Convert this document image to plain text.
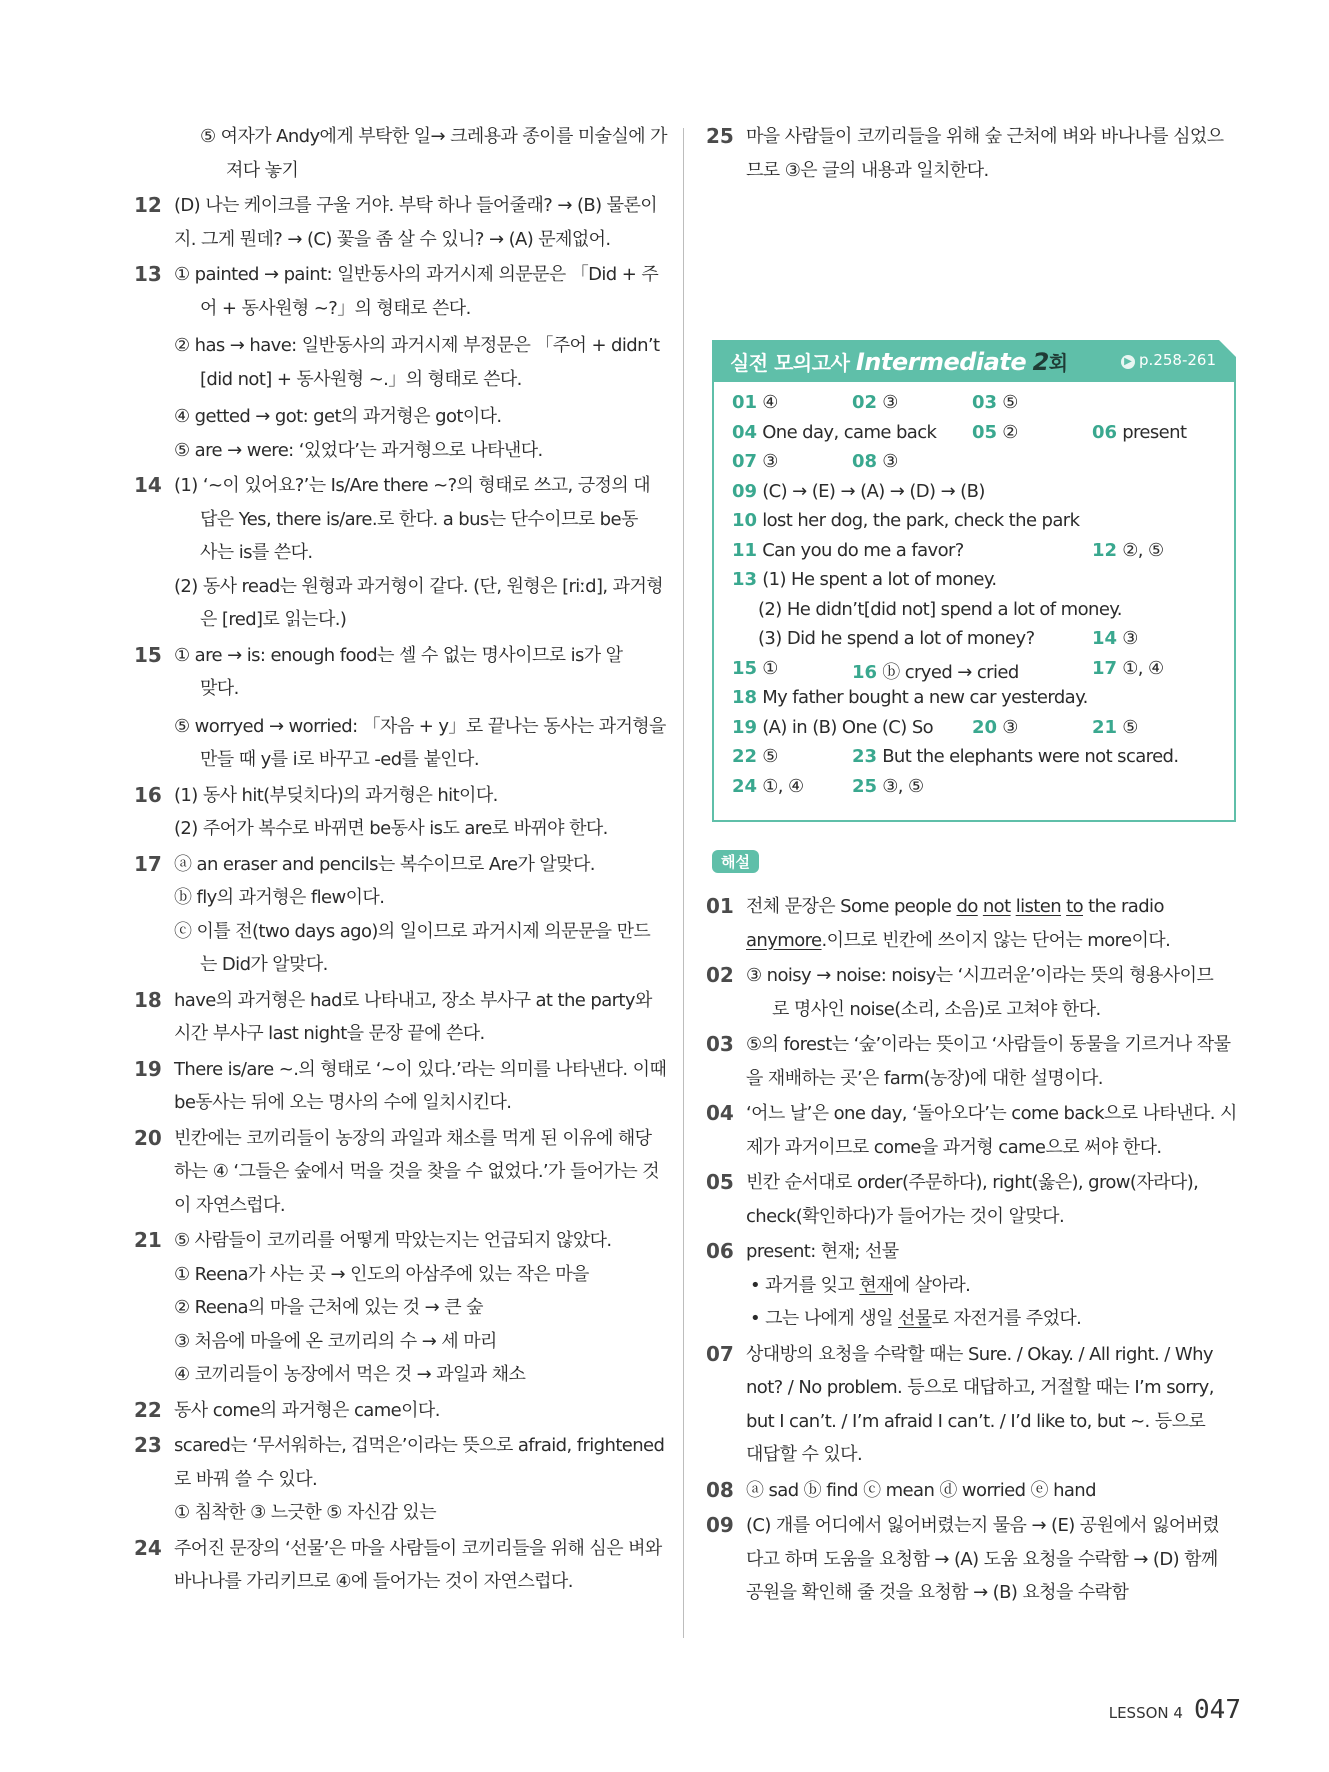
⑤ 여자가 Andy에게 부탁한 일→ 크레용과 종이를 미술실에 가
져다 놓기
12 (D) 나는 케이크를 구울 거야. 부탁 하나 들어줄래? → (B) 물론이
지. 그게 뭔데? → (C) 꽃을 좀 살 수 있니? → (A) 문제없어.
13 ① painted → paint: 일반동사의 과거시제 의문문은 「Did + 주
어 + 동사원형 ~?」의 형태로 쓴다.
② has → have: 일반동사의 과거시제 부정문은 「주어 + didn’t
[did not] + 동사원형 ~.」의 형태로 쓴다.
④ getted → got: get의 과거형은 got이다.
⑤ are → were: ‘있었다’는 과거형으로 나타낸다.
14 (1) ‘~이 있어요?’는 Is/Are there ~?의 형태로 쓰고, 긍정의 대
답은 Yes, there is/are.로 한다. a bus는 단수이므로 be동
사는 is를 쓴다.
(2) 동사 read는 원형과 과거형이 같다. (단, 원형은 [riːd], 과거형
은 [red]로 읽는다.)
15 ① are → is: enough food는 셀 수 없는 명사이므로 is가 알
맞다.
⑤ worryed → worried: 「자음 + y」로 끝나는 동사는 과거형을
만들 때 y를 i로 바꾸고 -ed를 붙인다.
16 (1) 동사 hit(부딪치다)의 과거형은 hit이다.
(2) 주어가 복수로 바뀌면 be동사 is도 are로 바뀌야 한다.
17 ⓐ an eraser and pencils는 복수이므로 Are가 알맞다.
ⓑ fly의 과거형은 flew이다.
ⓒ 이틀 전(two days ago)의 일이므로 과거시제 의문문을 만드
는 Did가 알맞다.
18 have의 과거형은 had로 나타내고, 장소 부사구 at the party와
시간 부사구 last night을 문장 끝에 쓴다.
19 There is/are ~.의 형태로 ‘~이 있다.’라는 의미를 나타낸다. 이때
be동사는 뒤에 오는 명사의 수에 일치시킨다.
20 빈칸에는 코끼리들이 농장의 과일과 채소를 먹게 된 이유에 해당
하는 ④ ‘그들은 숲에서 먹을 것을 찾을 수 없었다.’가 들어가는 것
이 자연스럽다.
21 ⑤ 사람들이 코끼리를 어떻게 막았는지는 언급되지 않았다.
① Reena가 사는 곳 → 인도의 아삼주에 있는 작은 마을
② Reena의 마을 근처에 있는 것 → 큰 숲
③ 처음에 마을에 온 코끼리의 수 → 세 마리
④ 코끼리들이 농장에서 먹은 것 → 과일과 채소
22 동사 come의 과거형은 came이다.
23 scared는 ‘무서워하는, 겁먹은’이라는 뜻으로 afraid, frightened
로 바꿔 쓸 수 있다.
① 침착한 ③ 느긋한 ⑤ 자신감 있는
24 주어진 문장의 ‘선물’은 마을 사람들이 코끼리들을 위해 심은 벼와
바나나를 가리키므로 ④에 들어가는 것이 자연스럽다.
25 마을 사람들이 코끼리들을 위해 숲 근처에 벼와 바나나를 심었으
므로 ③은 글의 내용과 일치한다.
실전 모의고사 Intermediate 2회	▶ p.258-261
01 ④	02 ③	03 ⑤
04 One day, came back 05 ②	06 present
07 ③	08 ③
09 (C) → (E) → (A) → (D) → (B)
10 lost her dog, the park, check the park
11 Can you do me a favor?	12 ②, ⑤
13 (1) He spent a lot of money.
(2) He didn’t[did not] spend a lot of money.
(3) Did he spend a lot of money?	14 ③
15 ①	16 ⓑ cryed → cried	17 ①, ④
18 My father bought a new car yesterday.
19 (A) in (B) One (C) So 20 ③	21 ⑤
22 ⑤	23 But the elephants were not scared.
24 ①, ④	25 ③, ⑤
해설
01 전체 문장은 Some people do not listen to the radio
anymore.이므로 빈칸에 쓰이지 않는 단어는 more이다.
02 ③ noisy → noise: noisy는 ‘시끄러운’이라는 뜻의 형용사이므
로 명사인 noise(소리, 소음)로 고쳐야 한다.
03 ⑤의 forest는 ‘숲’이라는 뜻이고 ‘사람들이 동물을 기르거나 작물
을 재배하는 곳’은 farm(농장)에 대한 설명이다.
04 ‘어느 날’은 one day, ‘돌아오다’는 come back으로 나타낸다. 시
제가 과거이므로 come을 과거형 came으로 써야 한다.
05 빈칸 순서대로 order(주문하다), right(옳은), grow(자라다),
check(확인하다)가 들어가는 것이 알맞다.
06 present: 현재; 선물
• 과거를 잊고 현재에 살아라.
• 그는 나에게 생일 선물로 자전거를 주었다.
07 상대방의 요청을 수락할 때는 Sure. / Okay. / All right. / Why
not? / No problem. 등으로 대답하고, 거절할 때는 I’m sorry,
but I can’t. / I’m afraid I can’t. / I’d like to, but ~. 등으로
대답할 수 있다.
08 ⓐ sad ⓑ find ⓒ mean ⓓ worried ⓔ hand
09 (C) 개를 어디에서 잃어버렸는지 물음 → (E) 공원에서 잃어버렸
다고 하며 도움을 요청함 → (A) 도움 요청을 수락함 → (D) 함께
공원을 확인해 줄 것을 요청함 → (B) 요청을 수락함
LESSON 4 047
